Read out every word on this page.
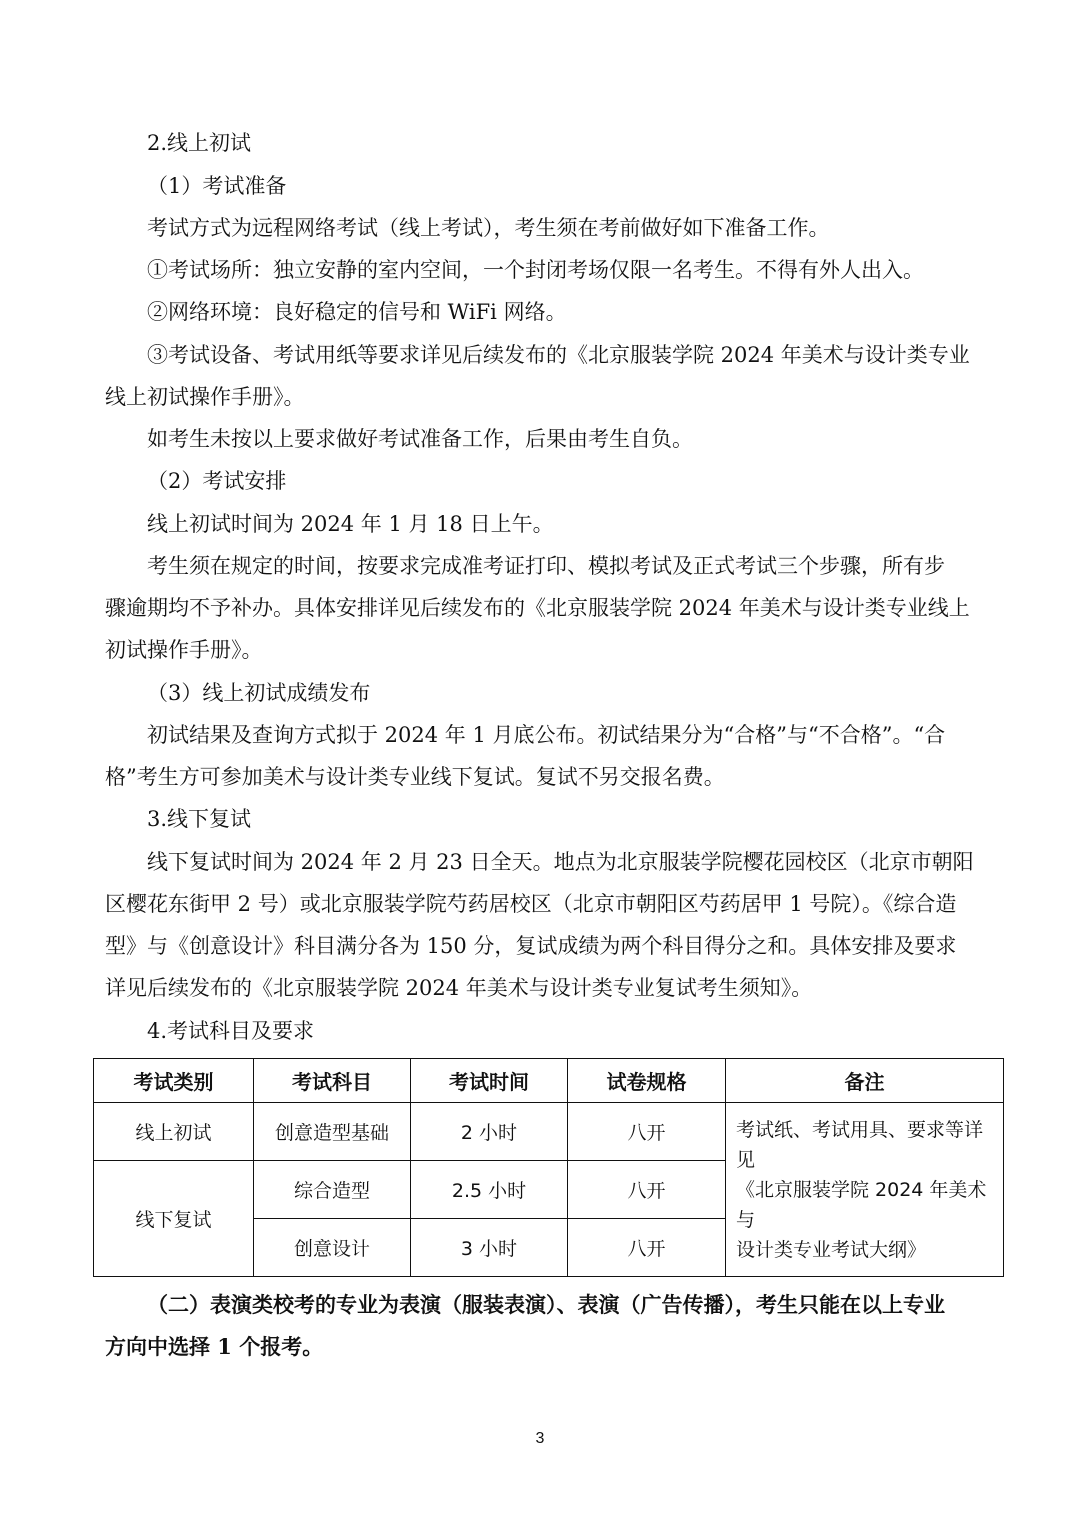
2.线上初试
（1）考试准备
考试方式为远程网络考试（线上考试），考生须在考前做好如下准备工作。
①考试场所：独立安静的室内空间，一个封闭考场仅限一名考生。不得有外人出入。
②网络环境：良好稳定的信号和 WiFi 网络。
③考试设备、考试用纸等要求详见后续发布的《北京服装学院 2024 年美术与设计类专业
线上初试操作手册》。
如考生未按以上要求做好考试准备工作，后果由考生自负。
（2）考试安排
线上初试时间为 2024 年 1 月 18 日上午。
考生须在规定的时间，按要求完成准考证打印、模拟考试及正式考试三个步骤，所有步
骤逾期均不予补办。具体安排详见后续发布的《北京服装学院 2024 年美术与设计类专业线上
初试操作手册》。
（3）线上初试成绩发布
初试结果及查询方式拟于 2024 年 1 月底公布。初试结果分为“合格”与“不合格”。“合
格”考生方可参加美术与设计类专业线下复试。复试不另交报名费。
3.线下复试
线下复试时间为 2024 年 2 月 23 日全天。地点为北京服装学院樱花园校区（北京市朝阳
区樱花东街甲 2 号）或北京服装学院芍药居校区（北京市朝阳区芍药居甲 1 号院）。《综合造
型》与《创意设计》科目满分各为 150 分，复试成绩为两个科目得分之和。具体安排及要求
详见后续发布的《北京服装学院 2024 年美术与设计类专业复试考生须知》。
4.考试科目及要求
考试类别	考试科目	考试时间	试卷规格	备注
线上初试	创意造型基础	2 小时	八开	考试纸、考试用具、要求等详见
《北京服装学院 2024 年美术与
设计类专业考试大纲》

线下复试	综合造型	2.5 小时	八开	
	创意设计	3 小时	八开	
（二）表演类校考的专业为表演（服装表演）、表演（广告传播），考生只能在以上专业
方向中选择 1 个报考。
3
